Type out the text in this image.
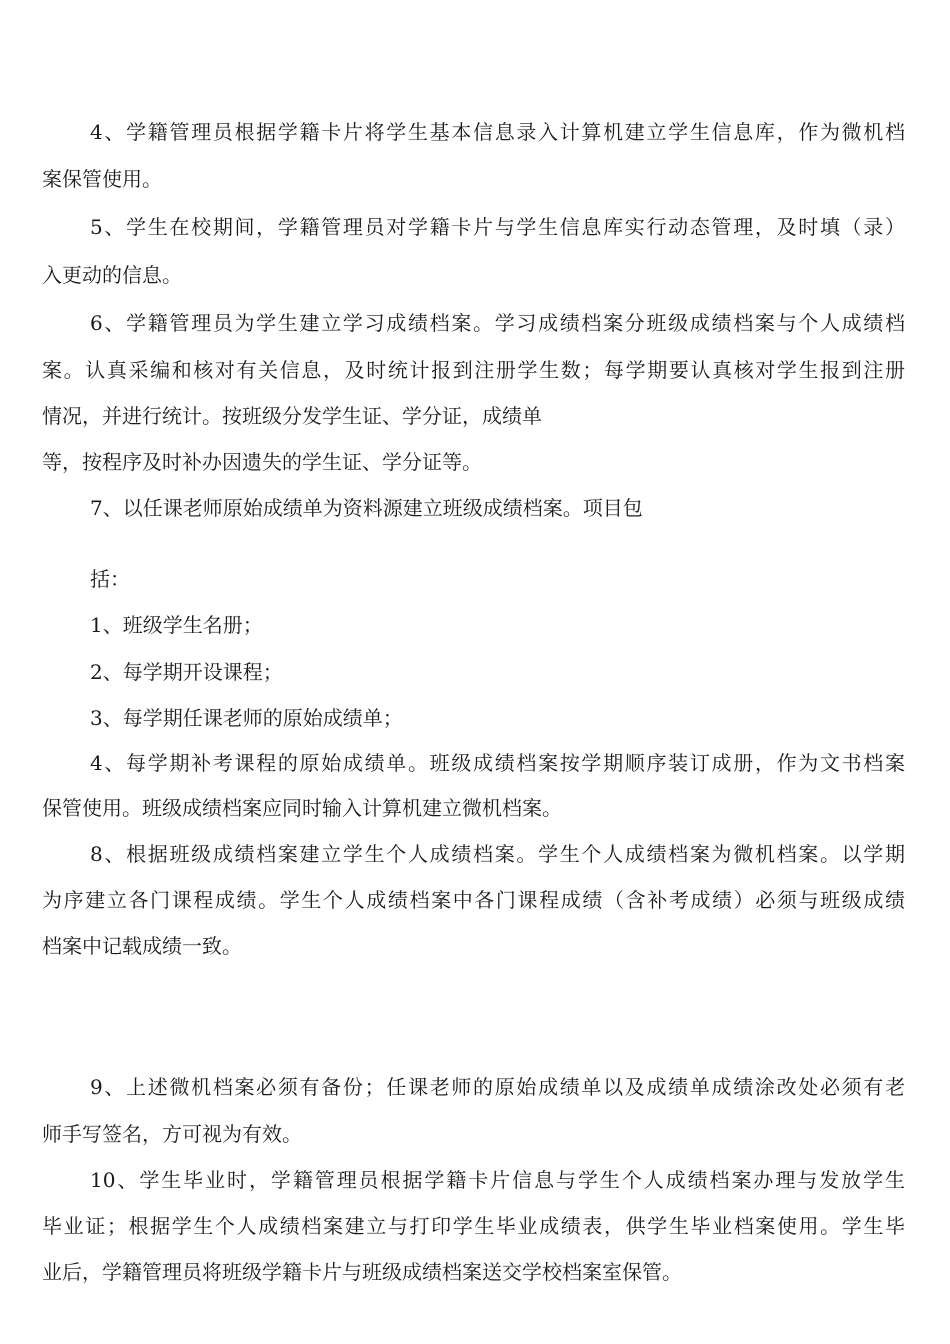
4、学籍管理员根据学籍卡片将学生基本信息录入计算机建立学生信息库，作为微机档

案保管使用。

5、学生在校期间，学籍管理员对学籍卡片与学生信息库实行动态管理，及时填（录）

入更动的信息。

6、学籍管理员为学生建立学习成绩档案。学习成绩档案分班级成绩档案与个人成绩档

案。认真采编和核对有关信息，及时统计报到注册学生数；每学期要认真核对学生报到注册

情况，并进行统计。按班级分发学生证、学分证，成绩单

等，按程序及时补办因遗失的学生证、学分证等。

7、以任课老师原始成绩单为资料源建立班级成绩档案。项目包

括：

1、班级学生名册；

2、每学期开设课程；

3、每学期任课老师的原始成绩单；

4、每学期补考课程的原始成绩单。班级成绩档案按学期顺序装订成册，作为文书档案

保管使用。班级成绩档案应同时输入计算机建立微机档案。

8、根据班级成绩档案建立学生个人成绩档案。学生个人成绩档案为微机档案。以学期

为序建立各门课程成绩。学生个人成绩档案中各门课程成绩（含补考成绩）必须与班级成绩

档案中记载成绩一致。

9、上述微机档案必须有备份；任课老师的原始成绩单以及成绩单成绩涂改处必须有老

师手写签名，方可视为有效。

10、学生毕业时，学籍管理员根据学籍卡片信息与学生个人成绩档案办理与发放学生

毕业证；根据学生个人成绩档案建立与打印学生毕业成绩表，供学生毕业档案使用。学生毕

业后，学籍管理员将班级学籍卡片与班级成绩档案送交学校档案室保管。
